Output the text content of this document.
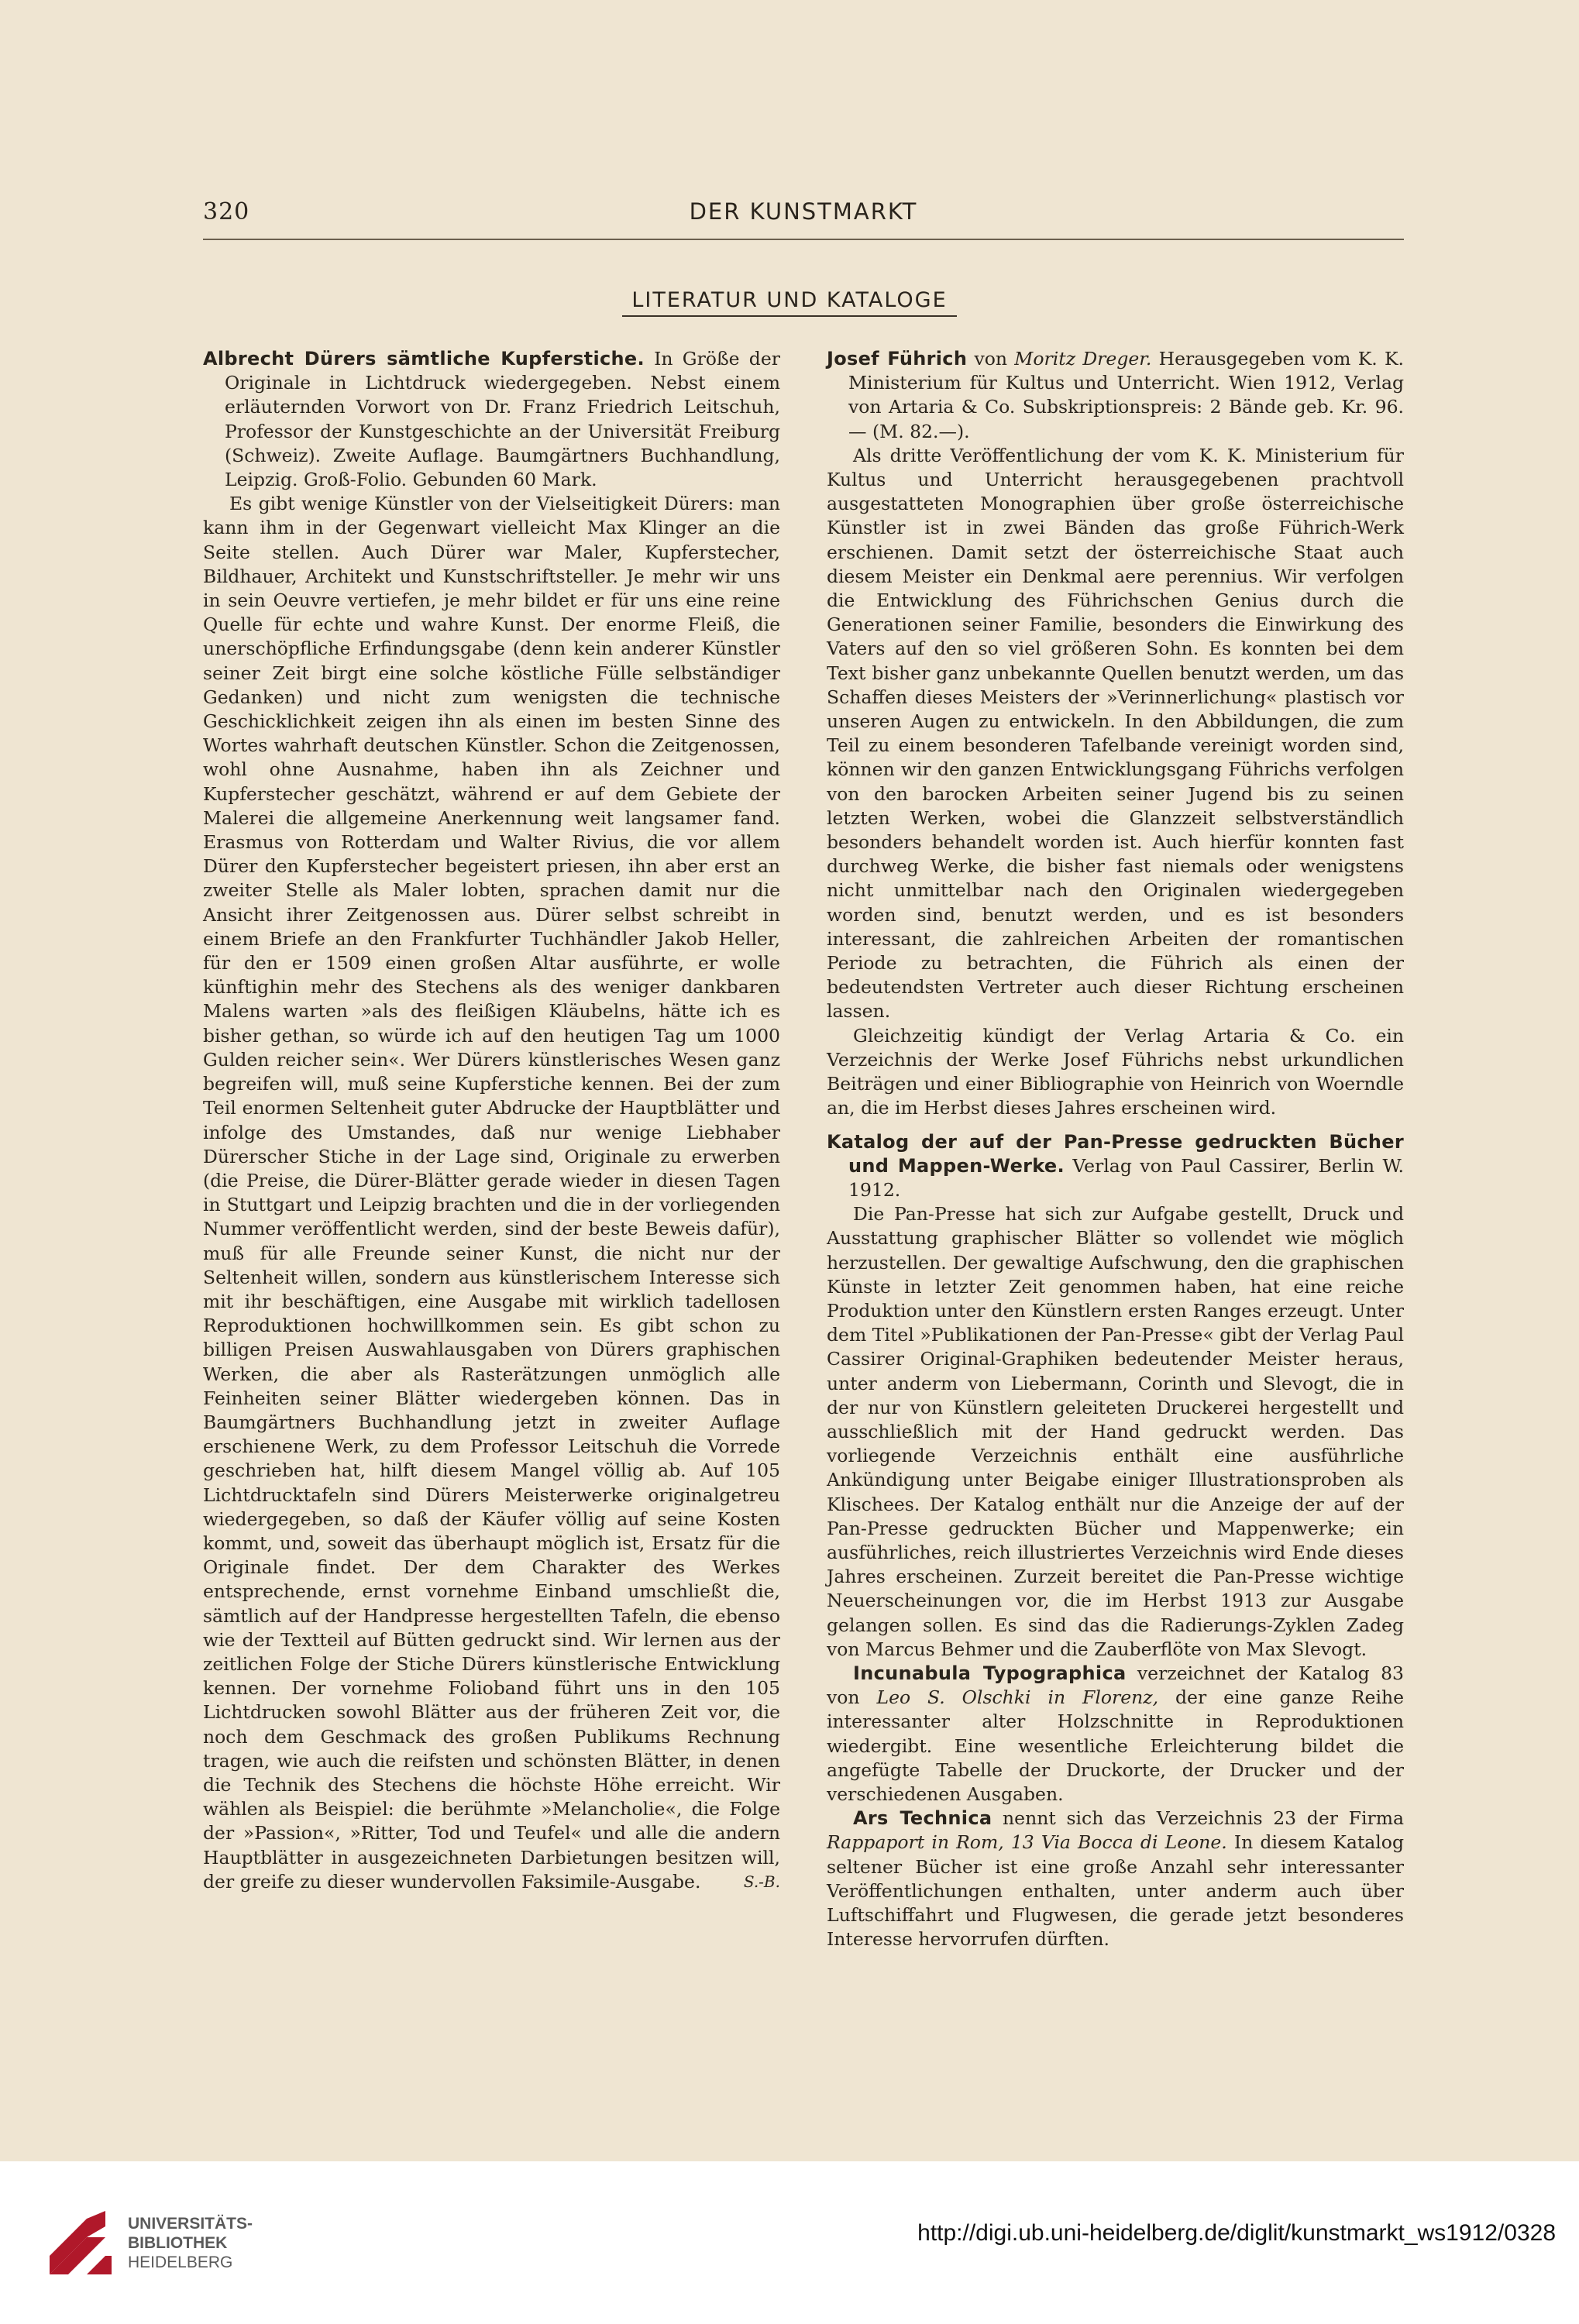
320	DER KUNSTMARKT
LITERATUR UND KATALOGE

Albrecht Dürers sämtliche Kupferstiche. In Größe der Originale in Lichtdruck wiedergegeben. Nebst einem erläuternden Vorwort von Dr. Franz Friedrich Leitschuh, Professor der Kunstgeschichte an der Universität Freiburg (Schweiz). Zweite Auflage. Baumgärtners Buchhandlung, Leipzig. Groß-Folio. Gebunden 60 Mark.

Es gibt wenige Künstler von der Vielseitigkeit Dürers: man kann ihm in der Gegenwart vielleicht Max Klinger an die Seite stellen. Auch Dürer war Maler, Kupferstecher, Bildhauer, Architekt und Kunstschriftsteller. Je mehr wir uns in sein Oeuvre vertiefen, je mehr bildet er für uns eine reine Quelle für echte und wahre Kunst. Der enorme Fleiß, die unerschöpfliche Erfindungsgabe (denn kein anderer Künstler seiner Zeit birgt eine solche köstliche Fülle selbständiger Gedanken) und nicht zum wenigsten die technische Geschicklichkeit zeigen ihn als einen im besten Sinne des Wortes wahrhaft deutschen Künstler. Schon die Zeitgenossen, wohl ohne Ausnahme, haben ihn als Zeichner und Kupferstecher geschätzt, während er auf dem Gebiete der Malerei die allgemeine Anerkennung weit langsamer fand. Erasmus von Rotterdam und Walter Rivius, die vor allem Dürer den Kupferstecher begeistert priesen, ihn aber erst an zweiter Stelle als Maler lobten, sprachen damit nur die Ansicht ihrer Zeitgenossen aus. Dürer selbst schreibt in einem Briefe an den Frankfurter Tuchhändler Jakob Heller, für den er 1509 einen großen Altar ausführte, er wolle künftighin mehr des Stechens als des weniger dankbaren Malens warten »als des fleißigen Kläubelns, hätte ich es bisher gethan, so würde ich auf den heutigen Tag um 1000 Gulden reicher sein«. Wer Dürers künstlerisches Wesen ganz begreifen will, muß seine Kupferstiche kennen. Bei der zum Teil enormen Seltenheit guter Abdrucke der Hauptblätter und infolge des Umstandes, daß nur wenige Liebhaber Dürerscher Stiche in der Lage sind, Originale zu erwerben (die Preise, die Dürer-Blätter gerade wieder in diesen Tagen in Stuttgart und Leipzig brachten und die in der vorliegenden Nummer veröffentlicht werden, sind der beste Beweis dafür), muß für alle Freunde seiner Kunst, die nicht nur der Seltenheit willen, sondern aus künstlerischem Interesse sich mit ihr beschäftigen, eine Ausgabe mit wirklich tadellosen Reproduktionen hochwillkommen sein. Es gibt schon zu billigen Preisen Auswahlausgaben von Dürers graphischen Werken, die aber als Rasterätzungen unmöglich alle Feinheiten seiner Blätter wiedergeben können. Das in Baumgärtners Buchhandlung jetzt in zweiter Auflage erschienene Werk, zu dem Professor Leitschuh die Vorrede geschrieben hat, hilft diesem Mangel völlig ab. Auf 105 Lichtdrucktafeln sind Dürers Meisterwerke originalgetreu wiedergegeben, so daß der Käufer völlig auf seine Kosten kommt, und, soweit das überhaupt möglich ist, Ersatz für die Originale findet. Der dem Charakter des Werkes entsprechende, ernst vornehme Einband umschließt die, sämtlich auf der Handpresse hergestellten Tafeln, die ebenso wie der Textteil auf Bütten gedruckt sind. Wir lernen aus der zeitlichen Folge der Stiche Dürers künstlerische Entwicklung kennen. Der vornehme Folioband führt uns in den 105 Lichtdrucken sowohl Blätter aus der früheren Zeit vor, die noch dem Geschmack des großen Publikums Rechnung tragen, wie auch die reifsten und schönsten Blätter, in denen die Technik des Stechens die höchste Höhe erreicht. Wir wählen als Beispiel: die berühmte »Melancholie«, die Folge der »Passion«, »Ritter, Tod und Teufel« und alle die andern Hauptblätter in ausgezeichneten Darbietungen besitzen will, der greife zu dieser wundervollen Faksimile-Ausgabe.	S.-B.

Josef Führich von Moritz Dreger. Herausgegeben vom K. K. Ministerium für Kultus und Unterricht. Wien 1912, Verlag von Artaria & Co. Subskriptionspreis: 2 Bände geb. Kr. 96.— (M. 82.—).

Als dritte Veröffentlichung der vom K. K. Ministerium für Kultus und Unterricht herausgegebenen prachtvoll ausgestatteten Monographien über große österreichische Künstler ist in zwei Bänden das große Führich-Werk erschienen. Damit setzt der österreichische Staat auch diesem Meister ein Denkmal aere perennius. Wir verfolgen die Entwicklung des Führichschen Genius durch die Generationen seiner Familie, besonders die Einwirkung des Vaters auf den so viel größeren Sohn. Es konnten bei dem Text bisher ganz unbekannte Quellen benutzt werden, um das Schaffen dieses Meisters der »Verinnerlichung« plastisch vor unseren Augen zu entwickeln. In den Abbildungen, die zum Teil zu einem besonderen Tafelbande vereinigt worden sind, können wir den ganzen Entwicklungsgang Führichs verfolgen von den barocken Arbeiten seiner Jugend bis zu seinen letzten Werken, wobei die Glanzzeit selbstverständlich besonders behandelt worden ist. Auch hierfür konnten fast durchweg Werke, die bisher fast niemals oder wenigstens nicht unmittelbar nach den Originalen wiedergegeben worden sind, benutzt werden, und es ist besonders interessant, die zahlreichen Arbeiten der romantischen Periode zu betrachten, die Führich als einen der bedeutendsten Vertreter auch dieser Richtung erscheinen lassen.

Gleichzeitig kündigt der Verlag Artaria & Co. ein Verzeichnis der Werke Josef Führichs nebst urkundlichen Beiträgen und einer Bibliographie von Heinrich von Woerndle an, die im Herbst dieses Jahres erscheinen wird.

Katalog der auf der Pan-Presse gedruckten Bücher und Mappen-Werke. Verlag von Paul Cassirer, Berlin W. 1912.

Die Pan-Presse hat sich zur Aufgabe gestellt, Druck und Ausstattung graphischer Blätter so vollendet wie möglich herzustellen. Der gewaltige Aufschwung, den die graphischen Künste in letzter Zeit genommen haben, hat eine reiche Produktion unter den Künstlern ersten Ranges erzeugt. Unter dem Titel »Publikationen der Pan-Presse« gibt der Verlag Paul Cassirer Original-Graphiken bedeutender Meister heraus, unter anderm von Liebermann, Corinth und Slevogt, die in der nur von Künstlern geleiteten Druckerei hergestellt und ausschließlich mit der Hand gedruckt werden. Das vorliegende Verzeichnis enthält eine ausführliche Ankündigung unter Beigabe einiger Illustrationsproben als Klischees. Der Katalog enthält nur die Anzeige der auf der Pan-Presse gedruckten Bücher und Mappenwerke; ein ausführliches, reich illustriertes Verzeichnis wird Ende dieses Jahres erscheinen. Zurzeit bereitet die Pan-Presse wichtige Neuerscheinungen vor, die im Herbst 1913 zur Ausgabe gelangen sollen. Es sind das die Radierungs-Zyklen Zadeg von Marcus Behmer und die Zauberflöte von Max Slevogt.

Incunabula Typographica verzeichnet der Katalog 83 von Leo S. Olschki in Florenz, der eine ganze Reihe interessanter alter Holzschnitte in Reproduktionen wiedergibt. Eine wesentliche Erleichterung bildet die angefügte Tabelle der Druckorte, der Drucker und der verschiedenen Ausgaben.

Ars Technica nennt sich das Verzeichnis 23 der Firma Rappaport in Rom, 13 Via Bocca di Leone. In diesem Katalog seltener Bücher ist eine große Anzahl sehr interessanter Veröffentlichungen enthalten, unter anderm auch über Luftschiffahrt und Flugwesen, die gerade jetzt besonderes Interesse hervorrufen dürften.

UNIVERSITÄTS-
BIBLIOTHEK
HEIDELBERG
http://digi.ub.uni-heidelberg.de/diglit/kunstmarkt_ws1912/0328
